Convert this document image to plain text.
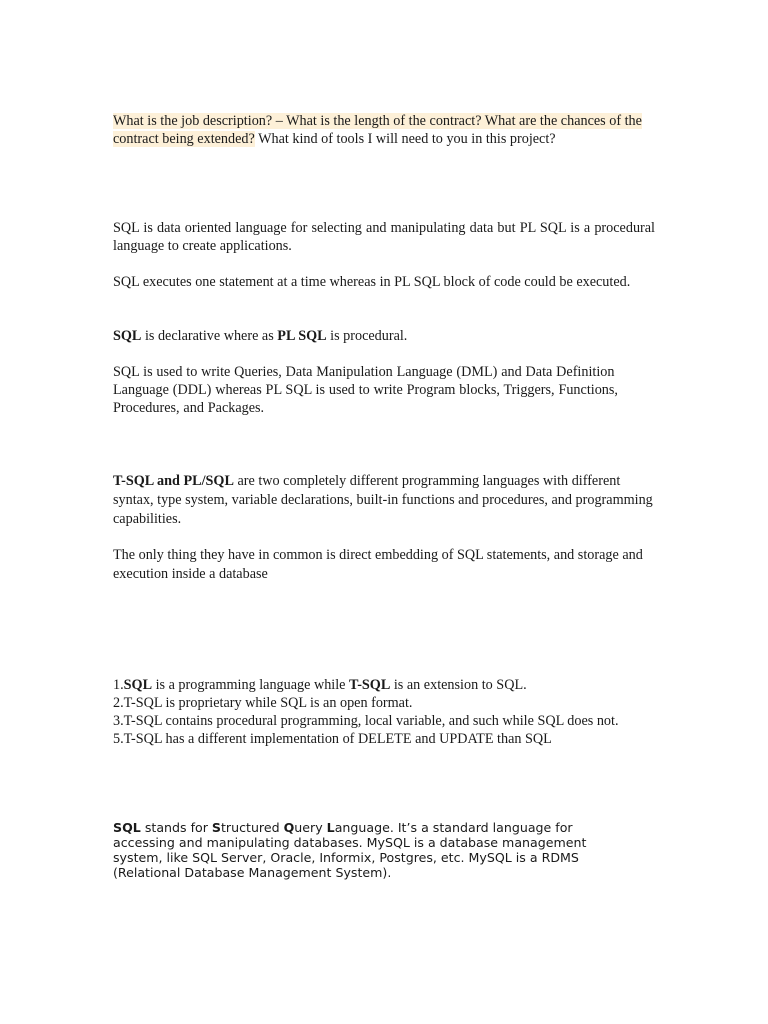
What is the job description? – What is the length of the contract? What are the chances of the contract being extended? What kind of tools I will need to you in this project?

SQL is data oriented language for selecting and manipulating data but PL SQL is a procedural language to create applications.

SQL executes one statement at a time whereas in PL SQL block of code could be executed.

SQL is declarative where as PL SQL is procedural.

SQL is used to write Queries, Data Manipulation Language (DML) and Data Definition Language (DDL) whereas PL SQL is used to write Program blocks, Triggers, Functions, Procedures, and Packages.

T-SQL and PL/SQL are two completely different programming languages with different syntax, type system, variable declarations, built-in functions and procedures, and programming capabilities.

The only thing they have in common is direct embedding of SQL statements, and storage and execution inside a database

1.SQL is a programming language while T-SQL is an extension to SQL.
2.T-SQL is proprietary while SQL is an open format.
3.T-SQL contains procedural programming, local variable, and such while SQL does not.
5.T-SQL has a different implementation of DELETE and UPDATE than SQL

SQL stands for Structured Query Language. It’s a standard language for accessing and manipulating databases. MySQL is a database management system, like SQL Server, Oracle, Informix, Postgres, etc. MySQL is a RDMS (Relational Database Management System).
